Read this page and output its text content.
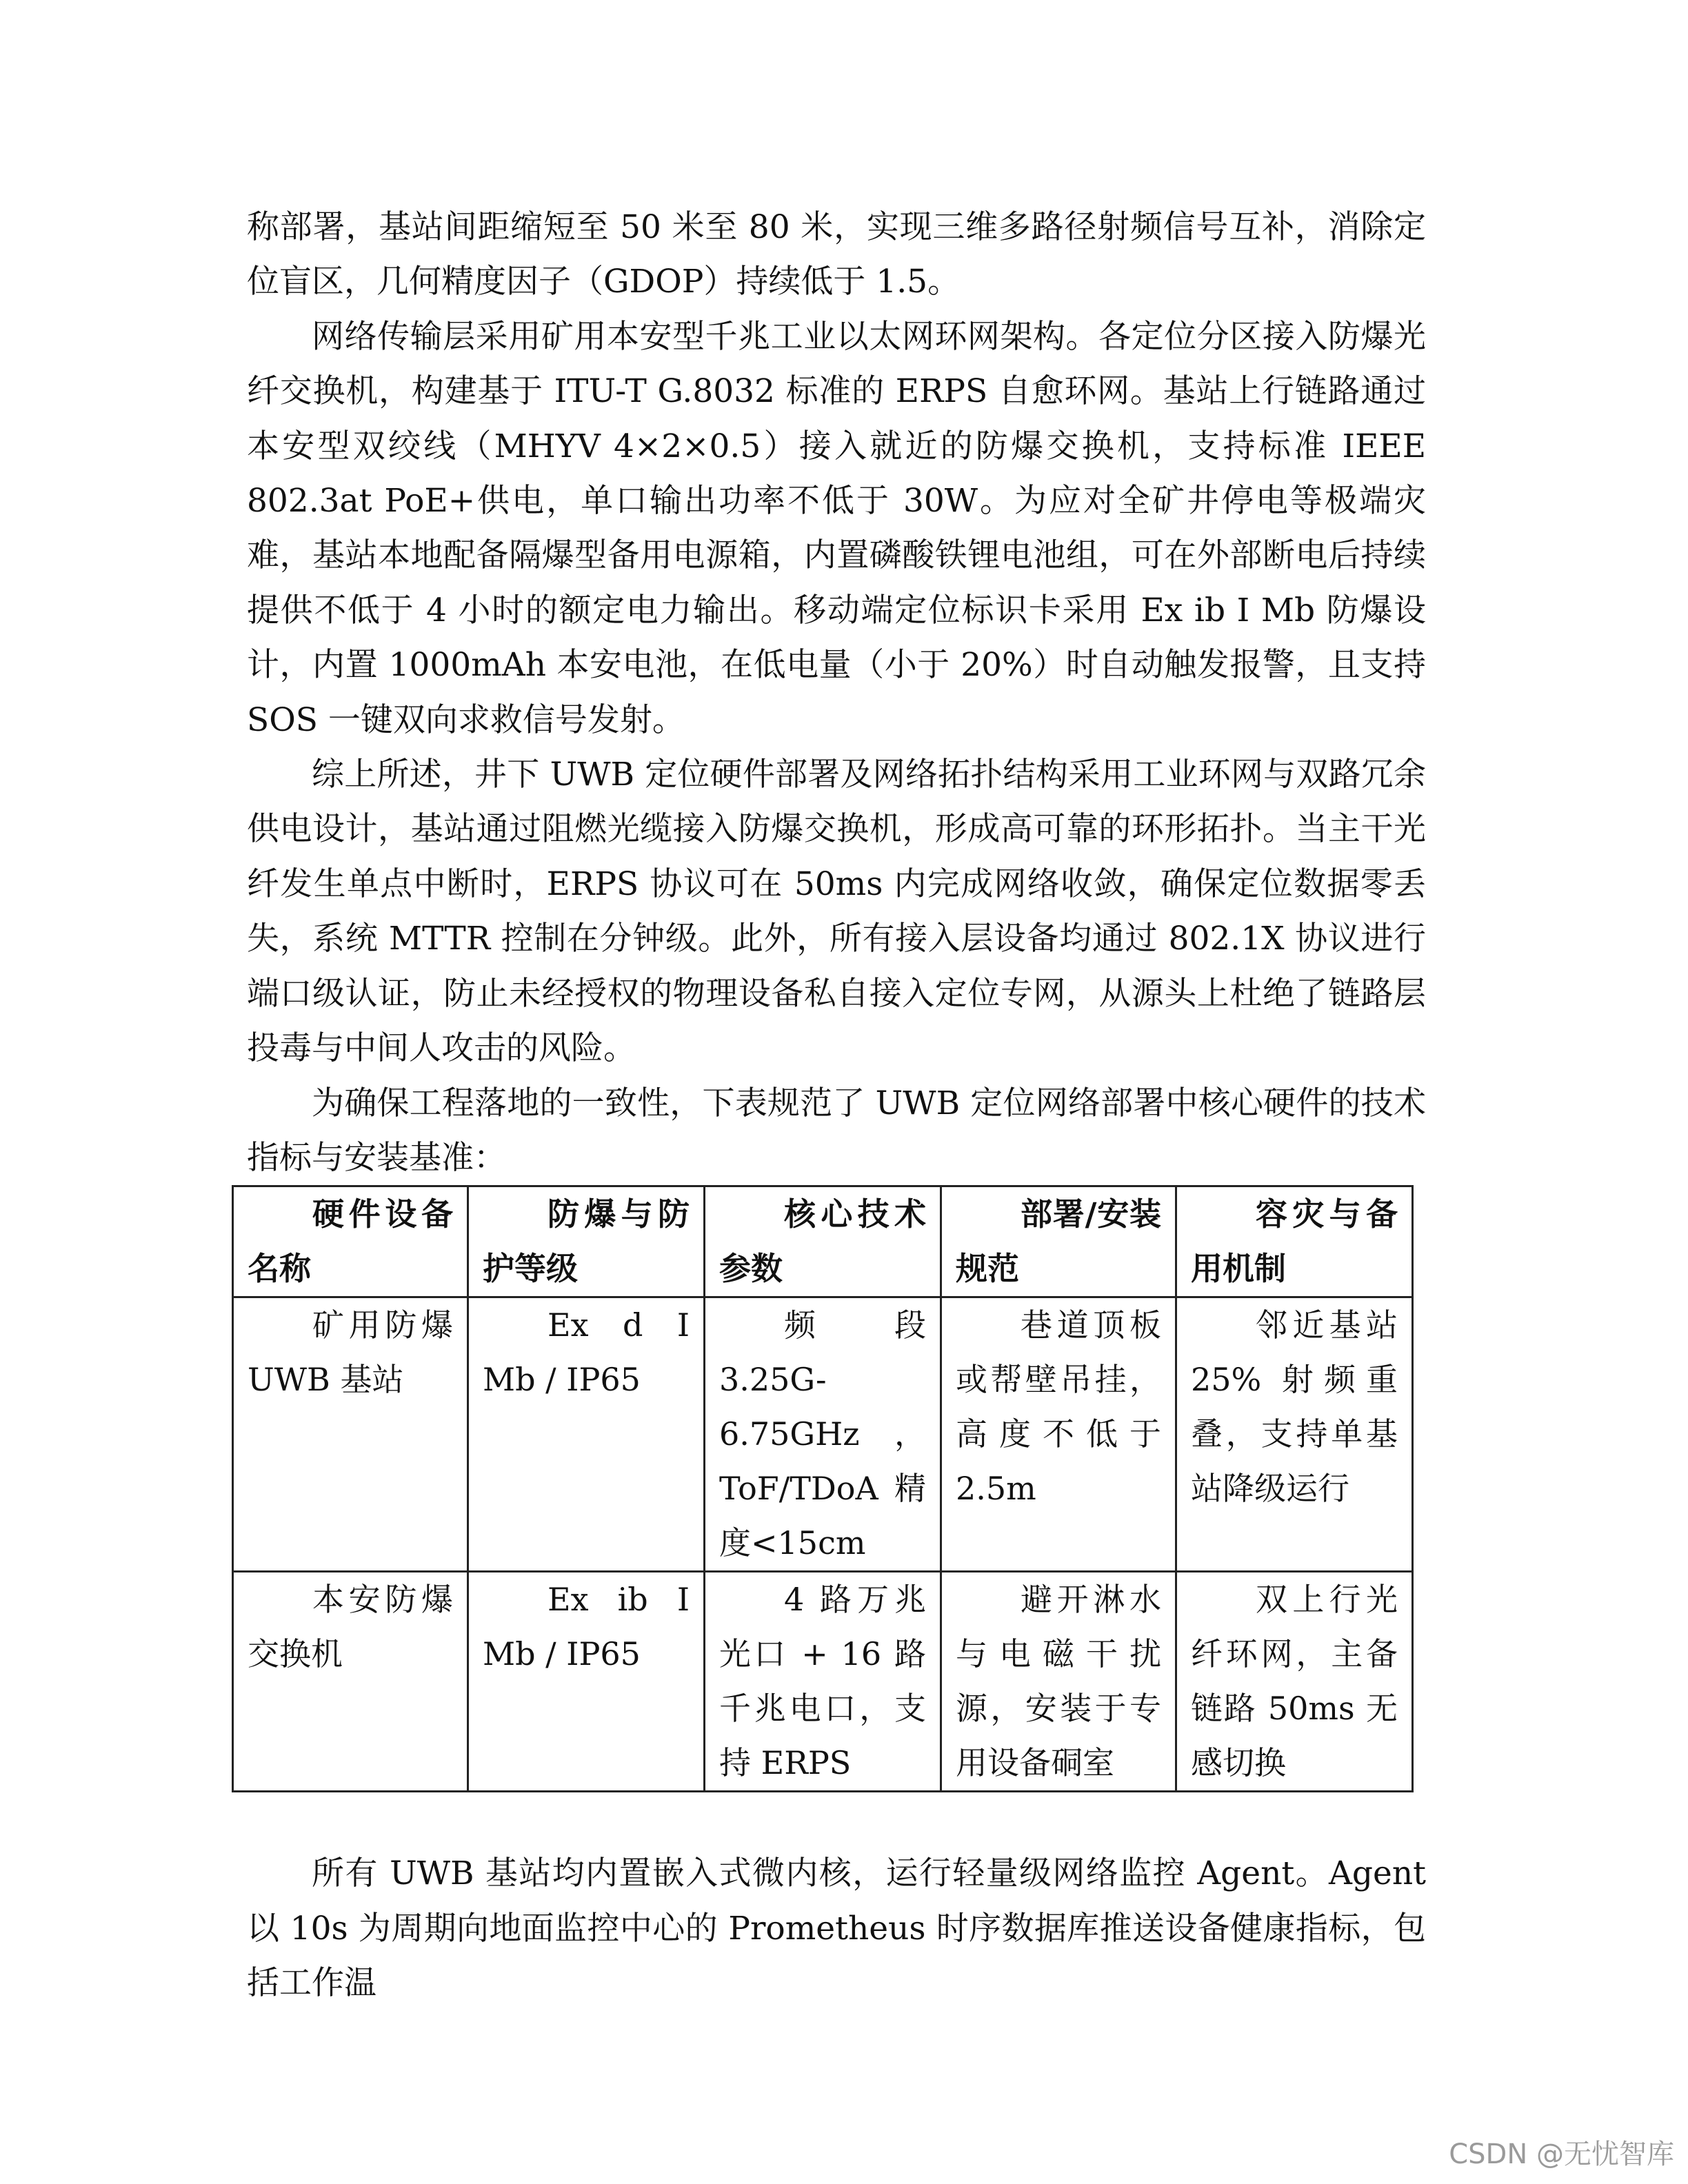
称部署，基站间距缩短至 50 米至 80 米，实现三维多路径射频信号互补，消除定位盲区，几何精度因子（GDOP）持续低于 1.5。

网络传输层采用矿用本安型千兆工业以太网环网架构。各定位分区接入防爆光纤交换机，构建基于 ITU-T G.8032 标准的 ERPS 自愈环网。基站上行链路通过本安型双绞线（MHYV 4×2×0.5）接入就近的防爆交换机，支持标准 IEEE 802.3at PoE+供电，单口输出功率不低于 30W。为应对全矿井停电等极端灾难，基站本地配备隔爆型备用电源箱，内置磷酸铁锂电池组，可在外部断电后持续提供不低于 4 小时的额定电力输出。移动端定位标识卡采用 Ex ib I Mb 防爆设计，内置 1000mAh 本安电池，在低电量（小于 20%）时自动触发报警，且支持 SOS 一键双向求救信号发射。

综上所述，井下 UWB 定位硬件部署及网络拓扑结构采用工业环网与双路冗余供电设计，基站通过阻燃光缆接入防爆交换机，形成高可靠的环形拓扑。当主干光纤发生单点中断时，ERPS 协议可在 50ms 内完成网络收敛，确保定位数据零丢失，系统 MTTR 控制在分钟级。此外，所有接入层设备均通过 802.1X 协议进行端口级认证，防止未经授权的物理设备私自接入定位专网，从源头上杜绝了链路层投毒与中间人攻击的风险。

为确保工程落地的一致性，下表规范了 UWB 定位网络部署中核心硬件的技术指标与安装基准：

硬件设备名称	防爆与防护等级	核心技术参数	部署/安装规范	容灾与备用机制

矿用防爆 UWB 基站	Ex d I Mb / IP65	频段 3.25G-6.75GHz，ToF/TDoA 精度<15cm	巷道顶板或帮壁吊挂，高度不低于 2.5m	邻近基站 25% 射频重叠，支持单基站降级运行

本安防爆交换机	Ex ib I Mb / IP65	4 路万兆光口 + 16 路千兆电口，支持 ERPS	避开淋水与电磁干扰源，安装于专用设备硐室	双上行光纤环网，主备链路 50ms 无感切换

所有 UWB 基站均内置嵌入式微内核，运行轻量级网络监控 Agent。Agent 以 10s 为周期向地面监控中心的 Prometheus 时序数据库推送设备健康指标，包括工作温

CSDN @无忧智库
